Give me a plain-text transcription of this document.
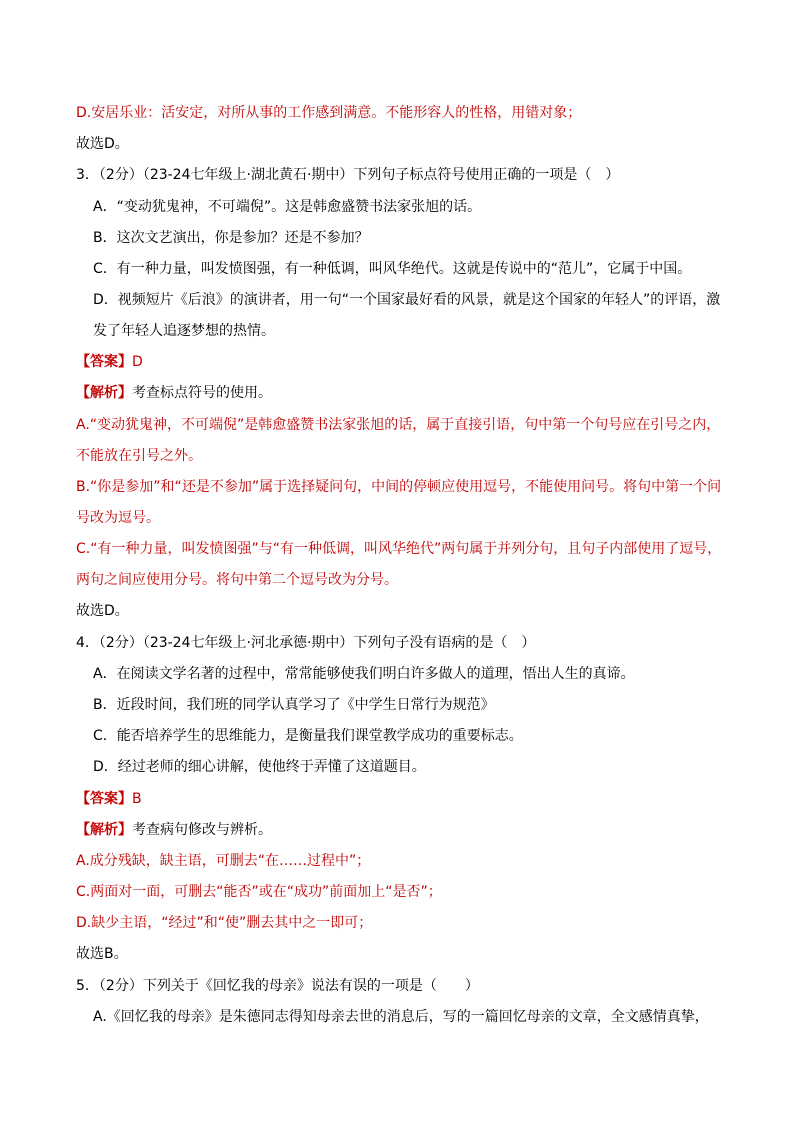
D.安居乐业：活安定，对所从事的工作感到满意。不能形容人的性格，用错对象；
故选D。
3．（2分）（23-24七年级上·湖北黄石·期中）下列句子标点符号使用正确的一项是（　）
A．“变动犹鬼神，不可端倪”。这是韩愈盛赞书法家张旭的话。
B．这次文艺演出，你是参加？还是不参加？
C．有一种力量，叫发愤图强，有一种低调，叫风华绝代。这就是传说中的“范儿”，它属于中国。
D．视频短片《后浪》的演讲者，用一句“一个国家最好看的风景，就是这个国家的年轻人”的评语，激
发了年轻人追逐梦想的热情。
【答案】D
【解析】考查标点符号的使用。
A.“变动犹鬼神，不可端倪”是韩愈盛赞书法家张旭的话，属于直接引语，句中第一个句号应在引号之内，
不能放在引号之外。
B.“你是参加”和“还是不参加”属于选择疑问句，中间的停顿应使用逗号，不能使用问号。将句中第一个问
号改为逗号。
C.“有一种力量，叫发愤图强”与“有一种低调，叫风华绝代”两句属于并列分句，且句子内部使用了逗号，
两句之间应使用分号。将句中第二个逗号改为分号。
故选D。
4．（2分）（23-24七年级上·河北承德·期中）下列句子没有语病的是（　）
A．在阅读文学名著的过程中，常常能够使我们明白许多做人的道理，悟出人生的真谛。
B．近段时间，我们班的同学认真学习了《中学生日常行为规范》
C．能否培养学生的思维能力，是衡量我们课堂教学成功的重要标志。
D．经过老师的细心讲解，使他终于弄懂了这道题目。
【答案】B
【解析】考查病句修改与辨析。
A.成分残缺，缺主语，可删去“在……过程中”；
C.两面对一面，可删去“能否”或在“成功”前面加上“是否”；
D.缺少主语，“经过”和“使”删去其中之一即可；
故选B。
5．（2分）下列关于《回忆我的母亲》说法有误的一项是（　　）
A.《回忆我的母亲》是朱德同志得知母亲去世的消息后，写的一篇回忆母亲的文章，全文感情真挚，
